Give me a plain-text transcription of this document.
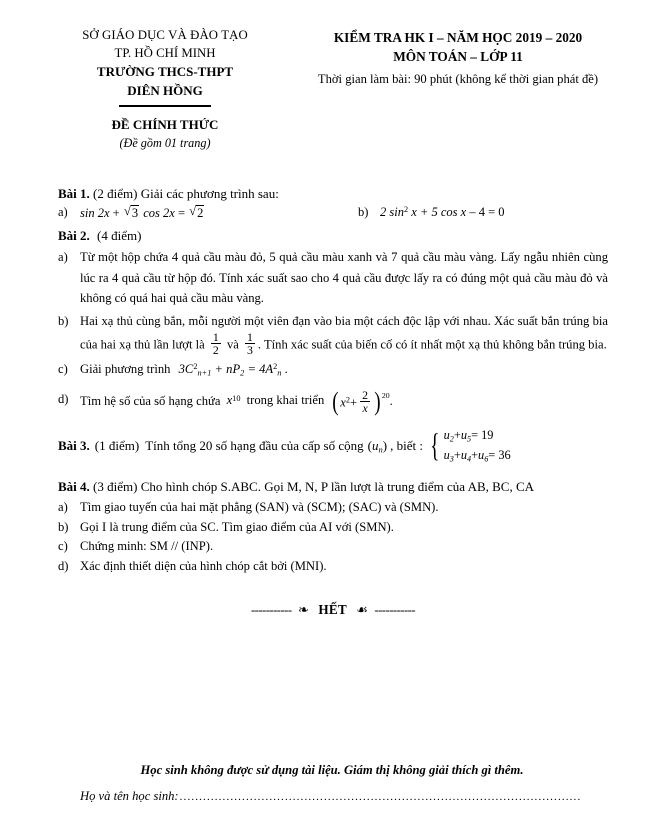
SỞ GIÁO DỤC VÀ ĐÀO TẠO
TP. HỒ CHÍ MINH
TRƯỜNG THCS-THPT
DIÊN HỒNG
ĐỀ CHÍNH THỨC
(Đề gồm 01 trang)
KIỂM TRA HK I – NĂM HỌC 2019 – 2020
MÔN TOÁN – LỚP 11
Thời gian làm bài: 90 phút (không kể thời gian phát đề)
Bài 1. (2 điểm) Giải các phương trình sau:
a) sin 2x + √ 3 cos 2x = √ 2	b) 2 $\sin^2 x + 5$ cos x – 4 = 0
Bài 2. (4 điểm)
a) Từ một hộp chứa 4 quả cầu màu đỏ, 5 quả cầu màu xanh và 7 quả cầu màu vàng. Lấy ngẫu nhiên cùng lúc ra 4 quả cầu từ hộp đó. Tính xác suất sao cho 4 quả cầu được lấy ra có đúng một quả cầu màu đỏ và không có quá hai quả cầu màu vàng.
b) Hai xạ thủ cùng bắn, mỗi người một viên đạn vào bia một cách độc lập với nhau. Xác suất bắn trúng bia của hai xạ thủ lần lượt là $\frac{1}{2}$ và $\frac{1}{3}$ . Tính xác suất của biến cố có ít nhất một xạ thủ không bắn trúng bia.
c) Giải phương trình $3C^2_{n+1} + nP_2 = 4A^2_n$ .
d) Tìm hệ số của số hạng chứa $x^{10}$ trong khai triển $(x^2+ \frac{2}{x} )^{20}$.
Bài 3. (1 điểm) Tính tổng 20 số hạng đầu của cấp số cộng $(u_n)$ , biết : { $u_2+u_5= 19$
$u_3+u_4+u_6= 36$
Bài 4. (3 điểm) Cho hình chóp S.ABC. Gọi M, N, P lần lượt là trung điểm của AB, BC, CA
a) Tìm giao tuyến của hai mặt phẳng (SAN) và (SCM); (SAC) và (SMN).
b) Gọi I là trung điểm của SC. Tìm giao điểm của AI với (SMN).
c) Chứng minh: SM // (INP).
d) Xác định thiết diện của hình chóp cắt bởi (MNI).
----------- ❧ HẾT ☙ -----------
Học sinh không được sử dụng tài liệu. Giám thị không giải thích gì thêm.
Họ và tên học sinh: .......................................................................................................
